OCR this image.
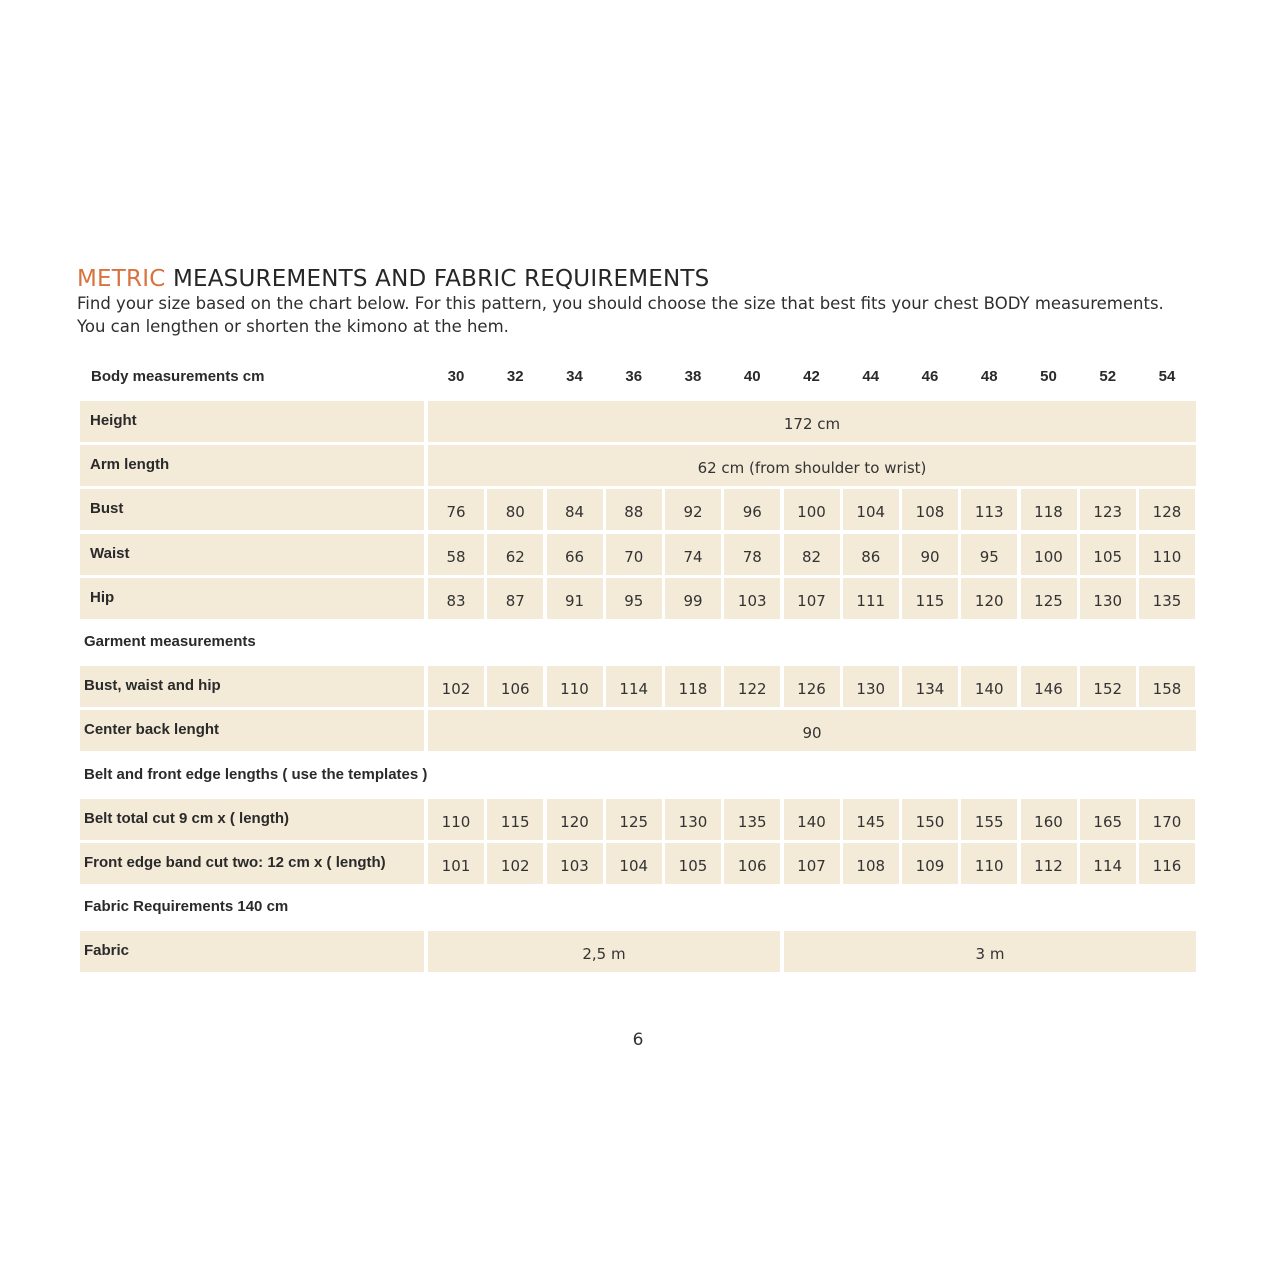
METRIC MEASUREMENTS AND FABRIC REQUIREMENTS

Find your size based on the chart below. For this pattern, you should choose the size that best fits your chest BODY measurements.

You can lengthen or shorten the kimono at the hem.

Body measurements cm	30	32	34	36	38	40	42	44	46	48	50	52	54
Height	172 cm
Arm length	62 cm (from shoulder to wrist)
Bust	76	80	84	88	92	96	100	104	108	113	118	123	128
Waist	58	62	66	70	74	78	82	86	90	95	100	105	110
Hip	83	87	91	95	99	103	107	111	115	120	125	130	135
Garment measurements
Bust, waist and hip	102	106	110	114	118	122	126	130	134	140	146	152	158
Center back lenght	90
Belt and front edge lengths ( use the templates )
Belt total cut 9 cm x ( length)	110	115	120	125	130	135	140	145	150	155	160	165	170
Front edge band cut two: 12 cm x ( length)	101	102	103	104	105	106	107	108	109	110	112	114	116
Fabric Requirements 140 cm
Fabric	2,5 m	3 m
6
